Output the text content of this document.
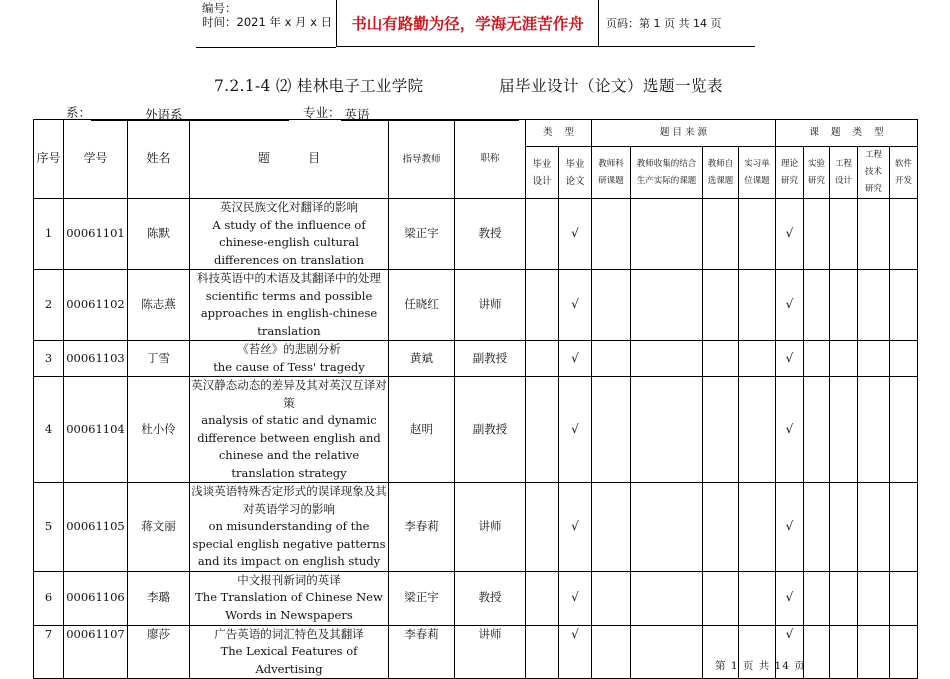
编号：
时间：2021 年 x 月 x 日	书山有路勤为径，学海无涯苦作舟	页码：第 1 页 共 14 页
7.2.1-4 ⑵ 桂林电子工业学院	届毕业设计（论文）选题一览表
系：	外语系	专业： 英语
序号	学号	姓名	题          目	指导教师	职称	类    型		题 目 来 源				课    题    类    型				
						毕业设计	毕业论文	教师科研课题	教师收集的结合生产实际的课题	教师自选课题	实习单位课题	理论研究	实验研究	工程设计	工程技术研究	软件开发
1	00061101	陈默	英汉民族文化对翻译的影响
A study of the influence of chinese-english cultural differences on translation	梁正宇	教授		√					√				
2	00061102	陈志燕	科技英语中的术语及其翻译中的处理
scientific terms and possible approaches in english-chinese translation	任晓红	讲师		√					√				
3	00061103	丁雪	《苔丝》的悲剧分析
the cause of Tess' tragedy	黄斌	副教授		√					√				
4	00061104	杜小伶	英汉静态动态的差异及其对英汉互译对策
analysis of static and dynamic difference between english and chinese and the relative translation strategy	赵明	副教授		√					√				
5	00061105	蒋文丽	浅谈英语特殊否定形式的误译现象及其对英语学习的影响
on misunderstanding of the special english negative patterns and its impact on english study	李春莉	讲师		√					√				
6	00061106	李璐	中文报刊新词的英译
The Translation of Chinese New Words in Newspapers	梁正宇	教授		√					√				
7	00061107	廖莎	广告英语的词汇特色及其翻译
The Lexical Features of Advertising	李春莉	讲师		√					√				
第 1 页 共 14 页
